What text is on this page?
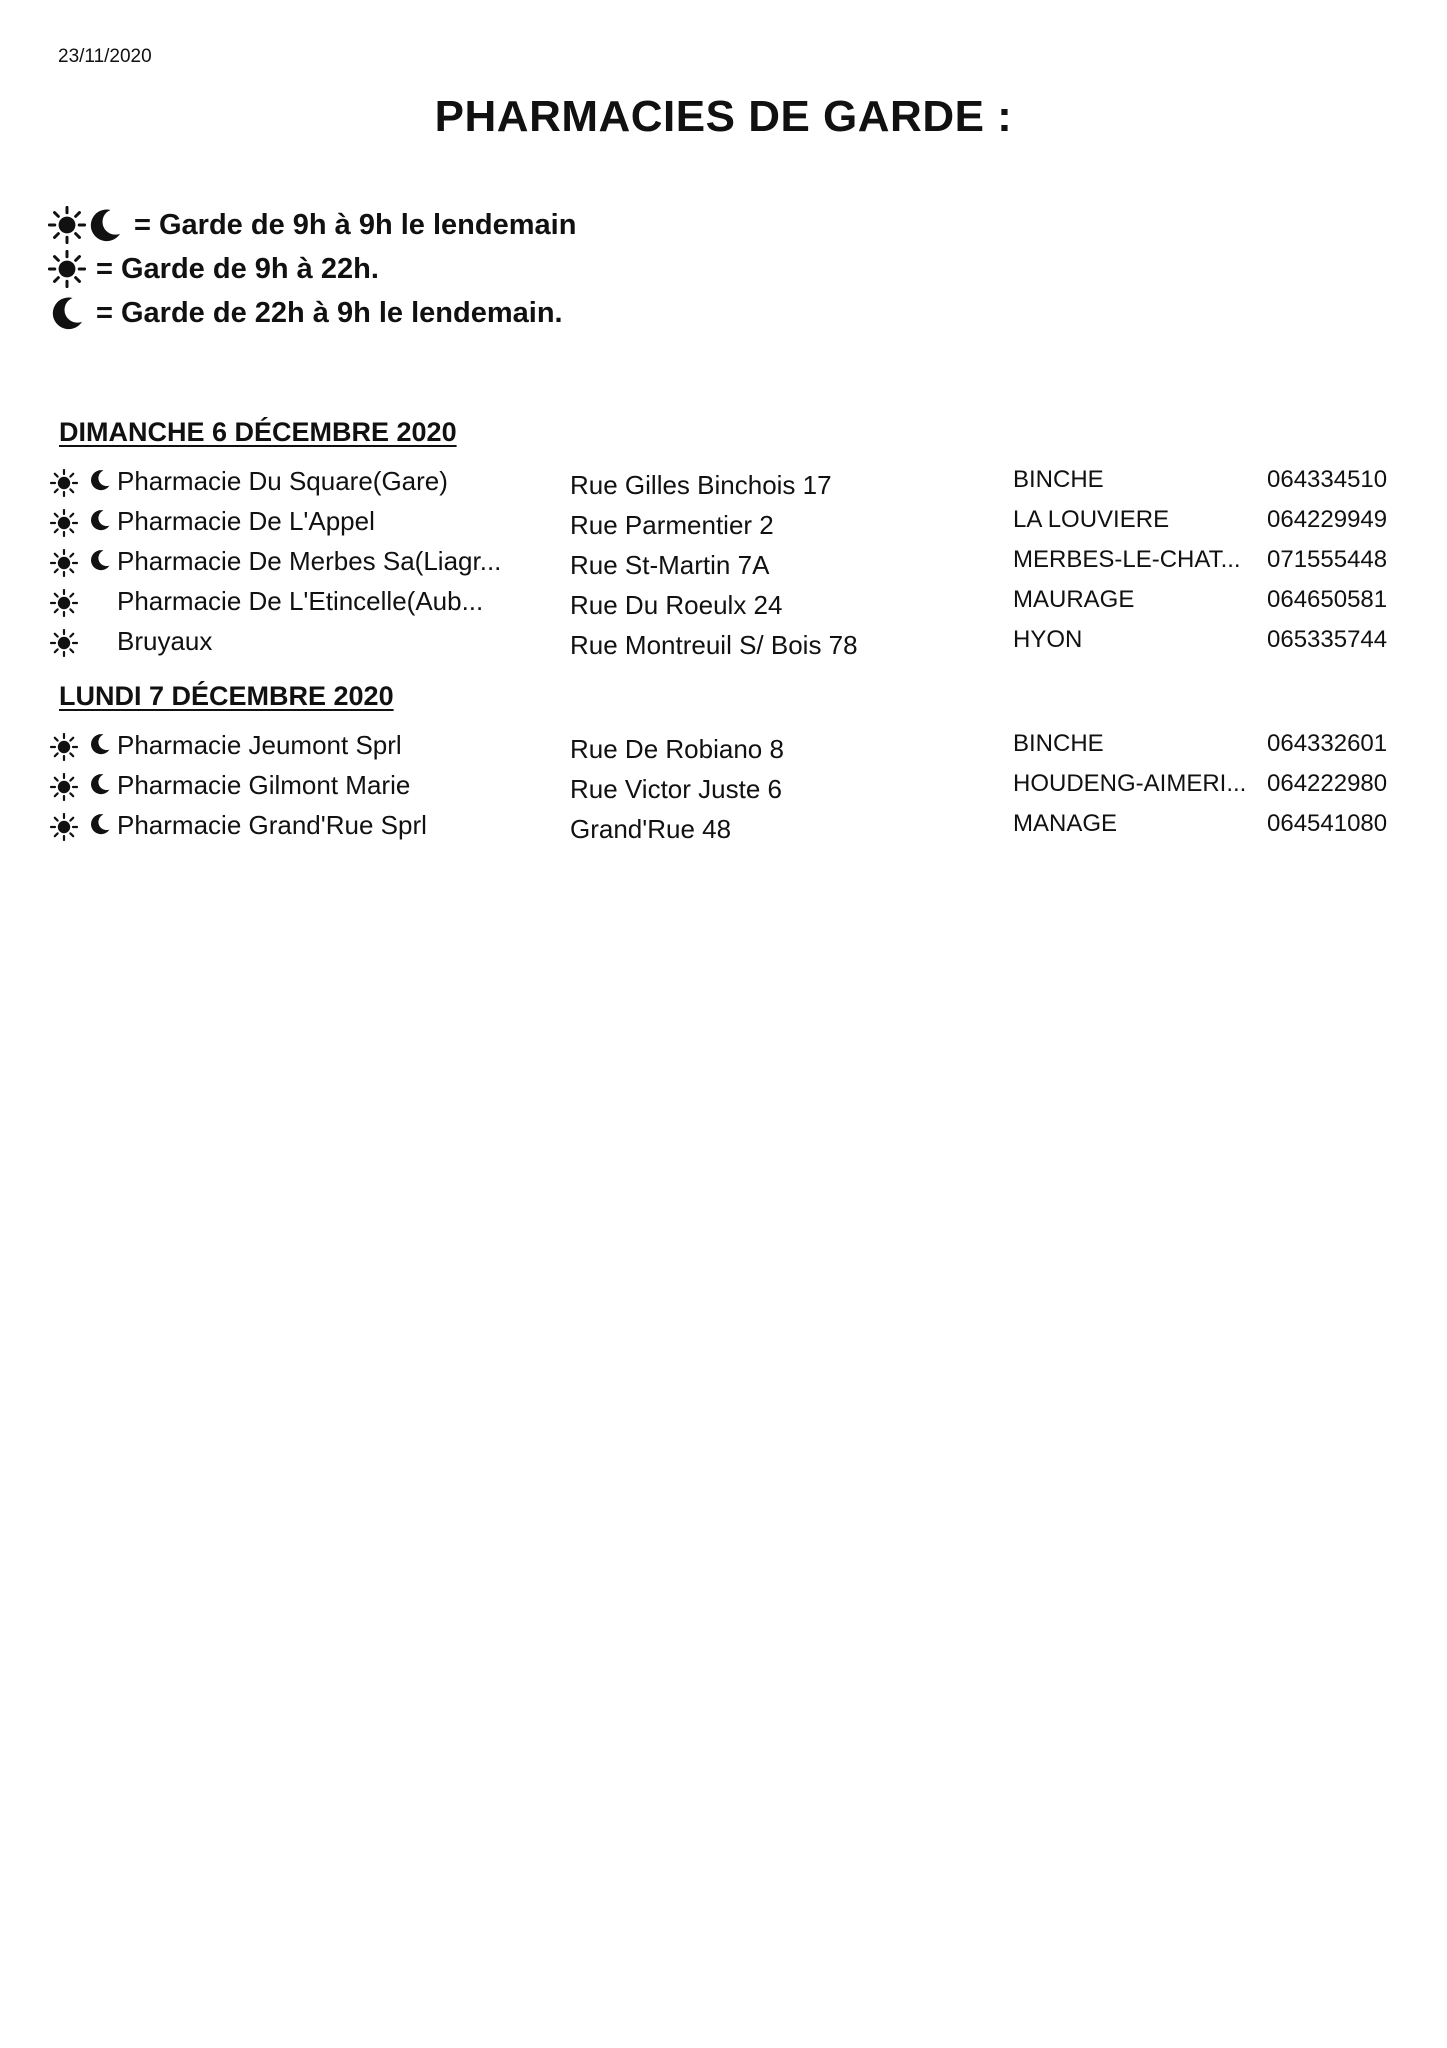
23/11/2020
PHARMACIES DE GARDE :
= Garde de 9h à 9h le lendemain
= Garde de 9h à 22h.
= Garde de 22h à 9h le lendemain.
DIMANCHE 6 DÉCEMBRE 2020
Pharmacie Du Square(Gare)	Rue Gilles Binchois 17	BINCHE	064334510
Pharmacie De L'Appel	Rue Parmentier 2	LA LOUVIERE	064229949
Pharmacie De Merbes Sa(Liagr...	Rue St-Martin 7A	MERBES-LE-CHAT...	071555448
Pharmacie De L'Etincelle(Aub...	Rue Du Roeulx 24	MAURAGE	064650581
Bruyaux	Rue Montreuil S/ Bois 78	HYON	065335744
LUNDI 7 DÉCEMBRE 2020
Pharmacie Jeumont Sprl	Rue De Robiano 8	BINCHE	064332601
Pharmacie Gilmont Marie	Rue Victor Juste 6	HOUDENG-AIMERI... 064222980
Pharmacie Grand'Rue Sprl	Grand'Rue 48	MANAGE	064541080
